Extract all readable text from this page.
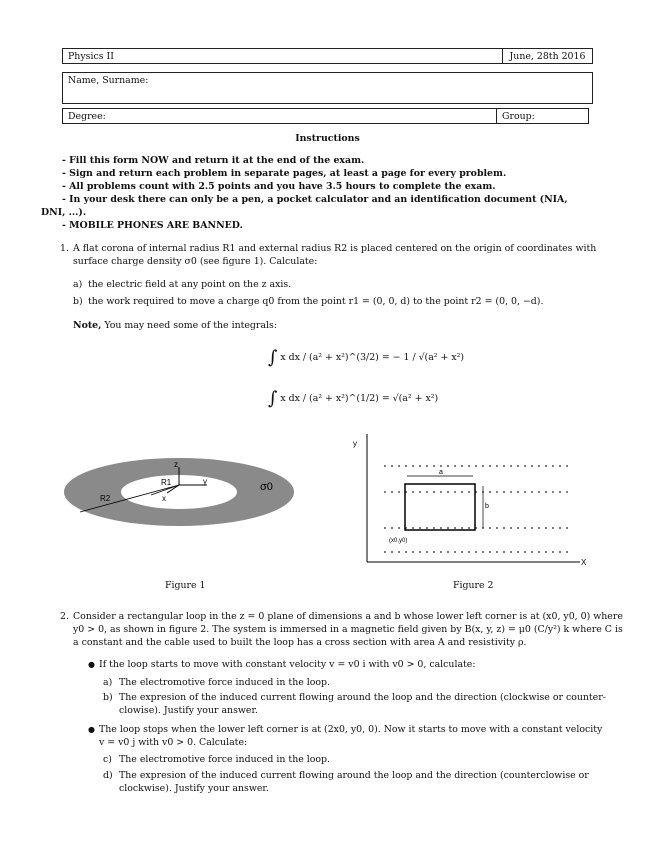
Physics II	June, 28th 2016
Name, Surname:
Degree:	Group:
Instructions
- Fill this form NOW and return it at the end of the exam.
- Sign and return each problem in separate pages, at least a page for every problem.
- All problems count with 2.5 points and you have 3.5 hours to complete the exam.
- In your desk there can only be a pen, a pocket calculator and an identification document (NIA,
DNI, ...).
- MOBILE PHONES ARE BANNED.
1. A flat corona of internal radius R1 and external radius R2 is placed centered on the origin of coordinates with
surface charge density σ0 (see figure 1). Calculate:
a) the electric field at any point on the z axis.
b) the work required to move a charge q0 from the point r1 = (0, 0, d) to the point r2 = (0, 0, −d).
Note, You may need some of the integrals:
∫ x dx / (a² + x²)^(3/2) = − 1 / √(a² + x²)
∫ x dx / (a² + x²)^(1/2) = √(a² + x²)
z
y
x
R1
R2
σ0
Figure 1
y
X
a
b
(x0,y0)
Figure 2
2. Consider a rectangular loop in the z = 0 plane of dimensions a and b whose lower left corner is at (x0, y0, 0) where
y0 > 0, as shown in figure 2. The system is immersed in a magnetic field given by B(x, y, z) = μ0 (C/y²) k where C is
a constant and the cable used to built the loop has a cross section with area A and resistivity ρ.
● If the loop starts to move with constant velocity v = v0 i with v0 > 0, calculate:
a) The electromotive force induced in the loop.
b) The expresion of the induced current flowing around the loop and the direction (clockwise or counter-
clowise). Justify your answer.
● The loop stops when the lower left corner is at (2x0, y0, 0). Now it starts to move with a constant velocity
v = v0 j with v0 > 0. Calculate:
c) The electromotive force induced in the loop.
d) The expresion of the induced current flowing around the loop and the direction (counterclowise or
clockwise). Justify your answer.
